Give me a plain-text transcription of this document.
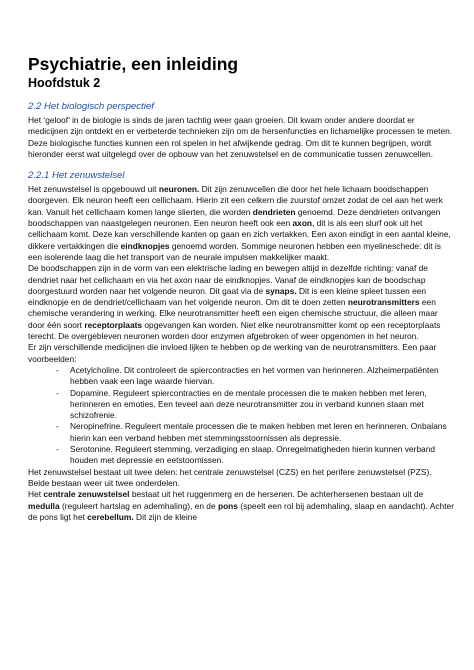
Psychiatrie, een inleiding
Hoofdstuk 2
2.2 Het biologisch perspectief

Het ‘geloof’ in de biologie is sinds de jaren tachtig weer gaan groeien. Dit kwam onder andere doordat er medicijnen zijn ontdekt en er verbeterde technieken zijn om de hersenfuncties en lichamelijke processen te meten. Deze biologische functies kunnen een rol spelen in het afwijkende gedrag. Om dit te kunnen begrijpen, wordt hieronder eerst wat uitgelegd over de opbouw van het zenuwstelsel en de communicatie tussen zenuwcellen.

2.2.1 Het zenuwstelsel

Het zenuwstelsel is opgebouwd uit neuronen. Dit zijn zenuwcellen die door het hele lichaam boodschappen doorgeven. Elk neuron heeft een cellichaam. Hierin zit een celkern die zuurstof omzet zodat de cel aan het werk kan. Vanuit het cellichaam komen lange slierten, die worden dendrieten genoemd. Deze dendrieten ontvangen boodschappen van naastgelegen neuronen. Een neuron heeft ook een axon, dit is als een slurf ook uit het cellichaam komt. Deze kan verschillende kanten op gaan en zich vertakken. Een axon eindigt in een aantal kleine, dikkere vertakkingen die eindknopjes genoemd worden. Sommige neuronen hebben een myelineschede: dit is een isolerende laag die het transport van de neurale impulsen makkelijker maakt.

De boodschappen zijn in de vorm van een elektrische lading en bewegen altijd in dezelfde richting: vanaf de dendriet naar het cellichaam en via het axon naar de eindknopjes. Vanaf de eindknopjes kan de boodschap doorgestuurd worden naar het volgende neuron. Dit gaat via de synaps. Dit is een kleine spleet tussen een eindknopje en de dendriet/cellichaam van het volgende neuron. Om dit te doen zetten neurotransmitters een chemische verandering in werking. Elke neurotransmitter heeft een eigen chemische structuur, die alleen maar door één soort receptorplaats opgevangen kan worden. Niet elke neurotransmitter komt op een receptorplaats terecht. De overgebleven neuronen worden door enzymen afgebroken of weer opgenomen in het neuron.

Er zijn verschillende medicijnen die invloed lijken te hebben op de werking van de neurotransmitters. Een paar voorbeelden:

- Acetylcholine. Dit controleert de spiercontracties en het vormen van herinneren. Alzheimerpatiënten hebben vaak een lage waarde hiervan.
- Dopamine. Reguleert spiercontracties en de mentale processen die te maken hebben met leren, herinneren en emoties. Een teveel aan deze neurotransmitter zou in verband kunnen staan met schizofrenie.
- Neropinefrine. Reguleert mentale processen die te maken hebben met leren en herinneren. Onbalans hierin kan een verband hebben met stemmingsstoornissen als depressie.
- Serotonine. Reguleert stemming, verzadiging en slaap. Onregelmatigheden hierin kunnen verband houden met depressie en eetstoornissen.

Het zenuwstelsel bestaat uit twee delen: het centrale zenuwstelsel (CZS) en het perifere zenuwstelsel (PZS). Beide bestaan weer uit twee onderdelen.

Het centrale zenuwstelsel bestaat uit het ruggenmerg en de hersenen. De achterhersenen bestaan uit de medulla (reguleert hartslag en ademhaling), en de pons (speelt een rol bij ademhaling, slaap en aandacht). Achter de pons ligt het cerebellum. Dit zijn de kleine
